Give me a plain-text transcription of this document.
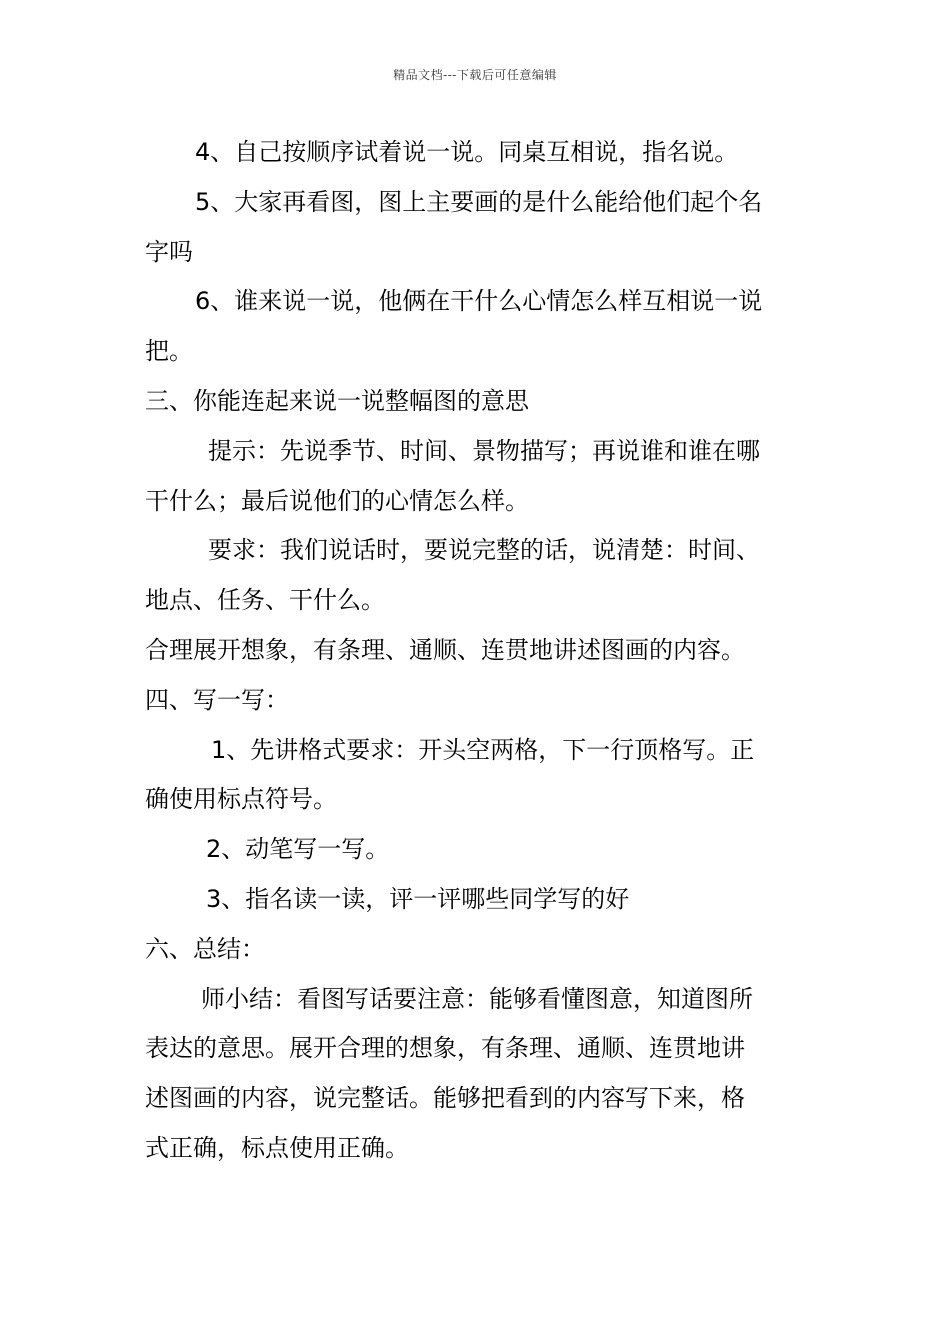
精品文档---下载后可任意编辑
4、自己按顺序试着说一说。同桌互相说，指名说。
5、大家再看图，图上主要画的是什么能给他们起个名
字吗
6、谁来说一说，他俩在干什么心情怎么样互相说一说
把。
三、你能连起来说一说整幅图的意思
提示：先说季节、时间、景物描写；再说谁和谁在哪
干什么；最后说他们的心情怎么样。
要求：我们说话时，要说完整的话，说清楚：时间、
地点、任务、干什么。
合理展开想象，有条理、通顺、连贯地讲述图画的内容。
四、写一写：
1、先讲格式要求：开头空两格，下一行顶格写。正
确使用标点符号。
2、动笔写一写。
3、指名读一读，评一评哪些同学写的好
六、总结：
师小结：看图写话要注意：能够看懂图意，知道图所
表达的意思。展开合理的想象，有条理、通顺、连贯地讲
述图画的内容，说完整话。能够把看到的内容写下来，格
式正确，标点使用正确。
